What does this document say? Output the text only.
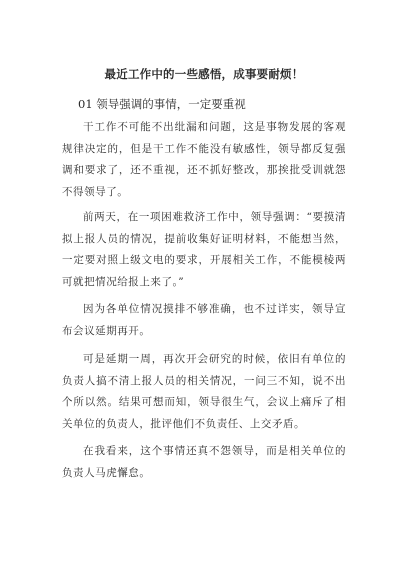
最近工作中的一些感悟，成事要耐烦！
01 领导强调的事情，一定要重视

干工作不可能不出纰漏和问题，这是事物发展的客观规律决定的，但是干工作不能没有敏感性，领导都反复强调和要求了，还不重视，还不抓好整改，那挨批受训就怨不得领导了。

前两天，在一项困难救济工作中，领导强调：“要摸清拟上报人员的情况，提前收集好证明材料，不能想当然，一定要对照上级文电的要求，开展相关工作，不能模棱两可就把情况给报上来了。”

因为各单位情况摸排不够准确，也不过详实，领导宣布会议延期再开。

可是延期一周，再次开会研究的时候，依旧有单位的负责人搞不清上报人员的相关情况，一问三不知，说不出个所以然。结果可想而知，领导很生气，会议上痛斥了相关单位的负责人，批评他们不负责任、上交矛盾。

在我看来，这个事情还真不怨领导，而是相关单位的负责人马虎懈怠。
